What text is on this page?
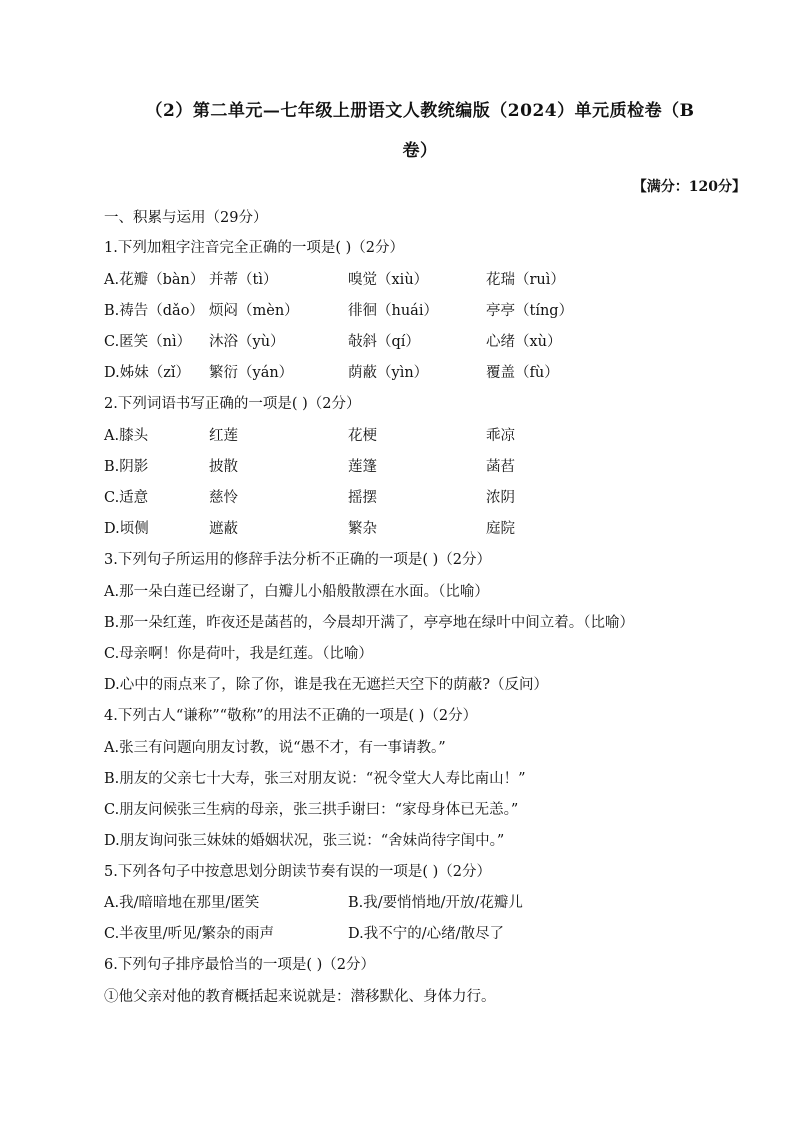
（2）第二单元—七年级上册语文人教统编版（2024）单元质检卷（B
卷）
【满分：120分】
一、积累与运用（29分）
1.下列加粗字注音完全正确的一项是( )（2分）
A.花瓣（bàn） 并蒂（tì）	嗅觉（xiù）	花瑞（ruì）
B.祷告（dǎo） 烦闷（mèn）	徘徊（huái）	亭亭（tíng）
C.匿笑（nì） 沐浴（yù）	敧斜（qí）	心绪（xù）
D.姊妹（zǐ） 繁衍（yán）	荫蔽（yìn）	覆盖（fù）
2.下列词语书写正确的一项是( )（2分）
A.膝头	红莲	花梗	乖凉
B.阴影	披散	莲篷	菡萏
C.适意	慈怜	摇摆	浓阴
D.顷侧	遮蔽	繁杂	庭院
3.下列句子所运用的修辞手法分析不正确的一项是( )（2分）
A.那一朵白莲已经谢了，白瓣儿小船般散漂在水面。（比喻）
B.那一朵红莲，昨夜还是菡萏的，今晨却开满了，亭亭地在绿叶中间立着。（比喻）
C.母亲啊！你是荷叶，我是红莲。（比喻）
D.心中的雨点来了，除了你，谁是我在无遮拦天空下的荫蔽?（反问）
4.下列古人“谦称”“敬称”的用法不正确的一项是( )（2分）
A.张三有问题向朋友讨教，说“愚不才，有一事请教。”
B.朋友的父亲七十大寿，张三对朋友说：“祝令堂大人寿比南山！”
C.朋友问候张三生病的母亲，张三拱手谢曰：“家母身体已无恙。”
D.朋友询问张三妹妹的婚姻状况，张三说：“舍妹尚待字闺中。”
5.下列各句子中按意思划分朗读节奏有误的一项是( )（2分）
A.我/暗暗地在那里/匿笑	B.我/要悄悄地/开放/花瓣儿
C.半夜里/听见/繁杂的雨声	D.我不宁的/心绪/散尽了
6.下列句子排序最恰当的一项是( )（2分）
①他父亲对他的教育概括起来说就是：潜移默化、身体力行。
